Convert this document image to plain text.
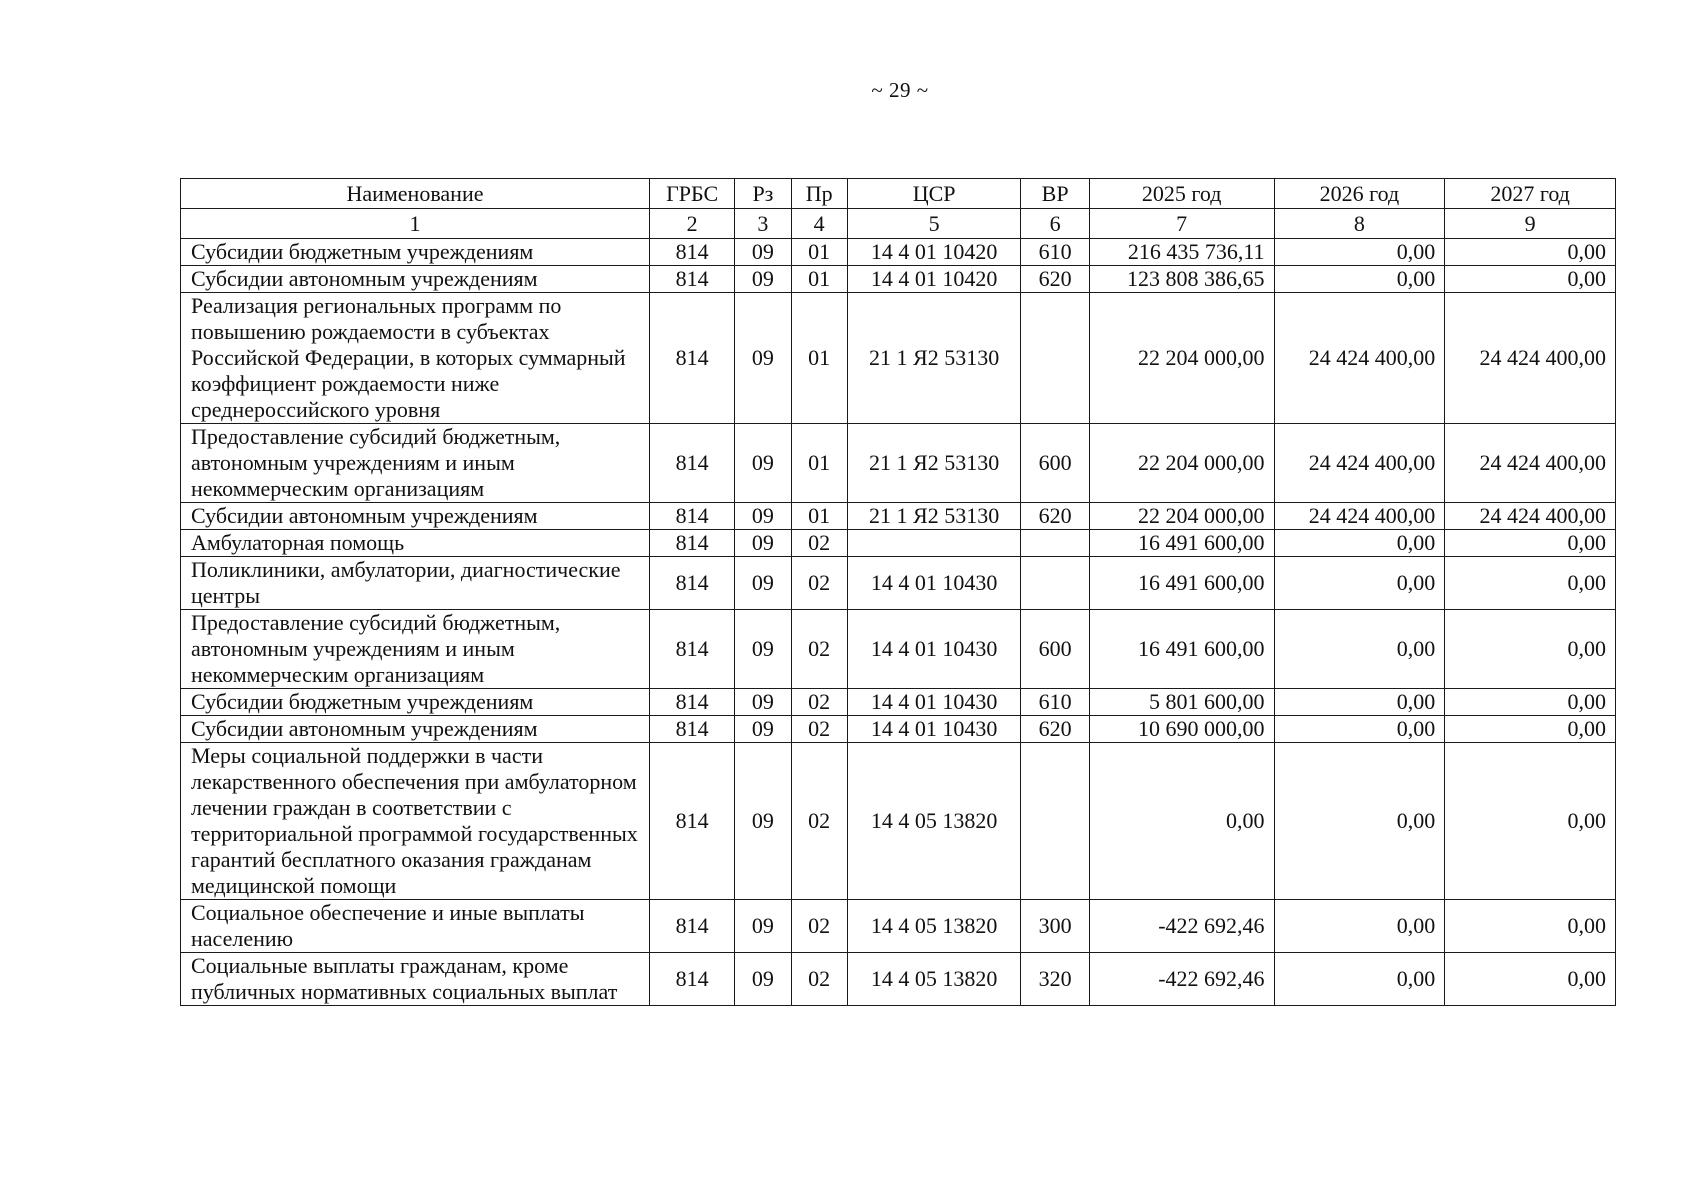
~ 29 ~
Наименование	ГРБС	Рз	Пр	ЦСР	ВР	2025 год	2026 год	2027 год
1	2	3	4	5	6	7	8	9
Субсидии бюджетным учреждениям	814	09	01	14 4 01 10420	610	216 435 736,11	0,00	0,00
Субсидии автономным учреждениям	814	09	01	14 4 01 10420	620	123 808 386,65	0,00	0,00
Реализация региональных программ по повышению рождаемости в субъектах Российской Федерации, в которых суммарный коэффициент рождаемости ниже среднероссийского уровня	814	09	01	21 1 Я2 53130		22 204 000,00	24 424 400,00	24 424 400,00
Предоставление субсидий бюджетным, автономным учреждениям и иным некоммерческим организациям	814	09	01	21 1 Я2 53130	600	22 204 000,00	24 424 400,00	24 424 400,00
Субсидии автономным учреждениям	814	09	01	21 1 Я2 53130	620	22 204 000,00	24 424 400,00	24 424 400,00
Амбулаторная помощь	814	09	02			16 491 600,00	0,00	0,00
Поликлиники, амбулатории, диагностические центры	814	09	02	14 4 01 10430		16 491 600,00	0,00	0,00
Предоставление субсидий бюджетным, автономным учреждениям и иным некоммерческим организациям	814	09	02	14 4 01 10430	600	16 491 600,00	0,00	0,00
Субсидии бюджетным учреждениям	814	09	02	14 4 01 10430	610	5 801 600,00	0,00	0,00
Субсидии автономным учреждениям	814	09	02	14 4 01 10430	620	10 690 000,00	0,00	0,00
Меры социальной поддержки в части лекарственного обеспечения при амбулаторном лечении граждан в соответствии с территориальной программой государственных гарантий бесплатного оказания гражданам медицинской помощи	814	09	02	14 4 05 13820		0,00	0,00	0,00
Социальное обеспечение и иные выплаты населению	814	09	02	14 4 05 13820	300	-422 692,46	0,00	0,00
Социальные выплаты гражданам, кроме публичных нормативных социальных выплат	814	09	02	14 4 05 13820	320	-422 692,46	0,00	0,00
